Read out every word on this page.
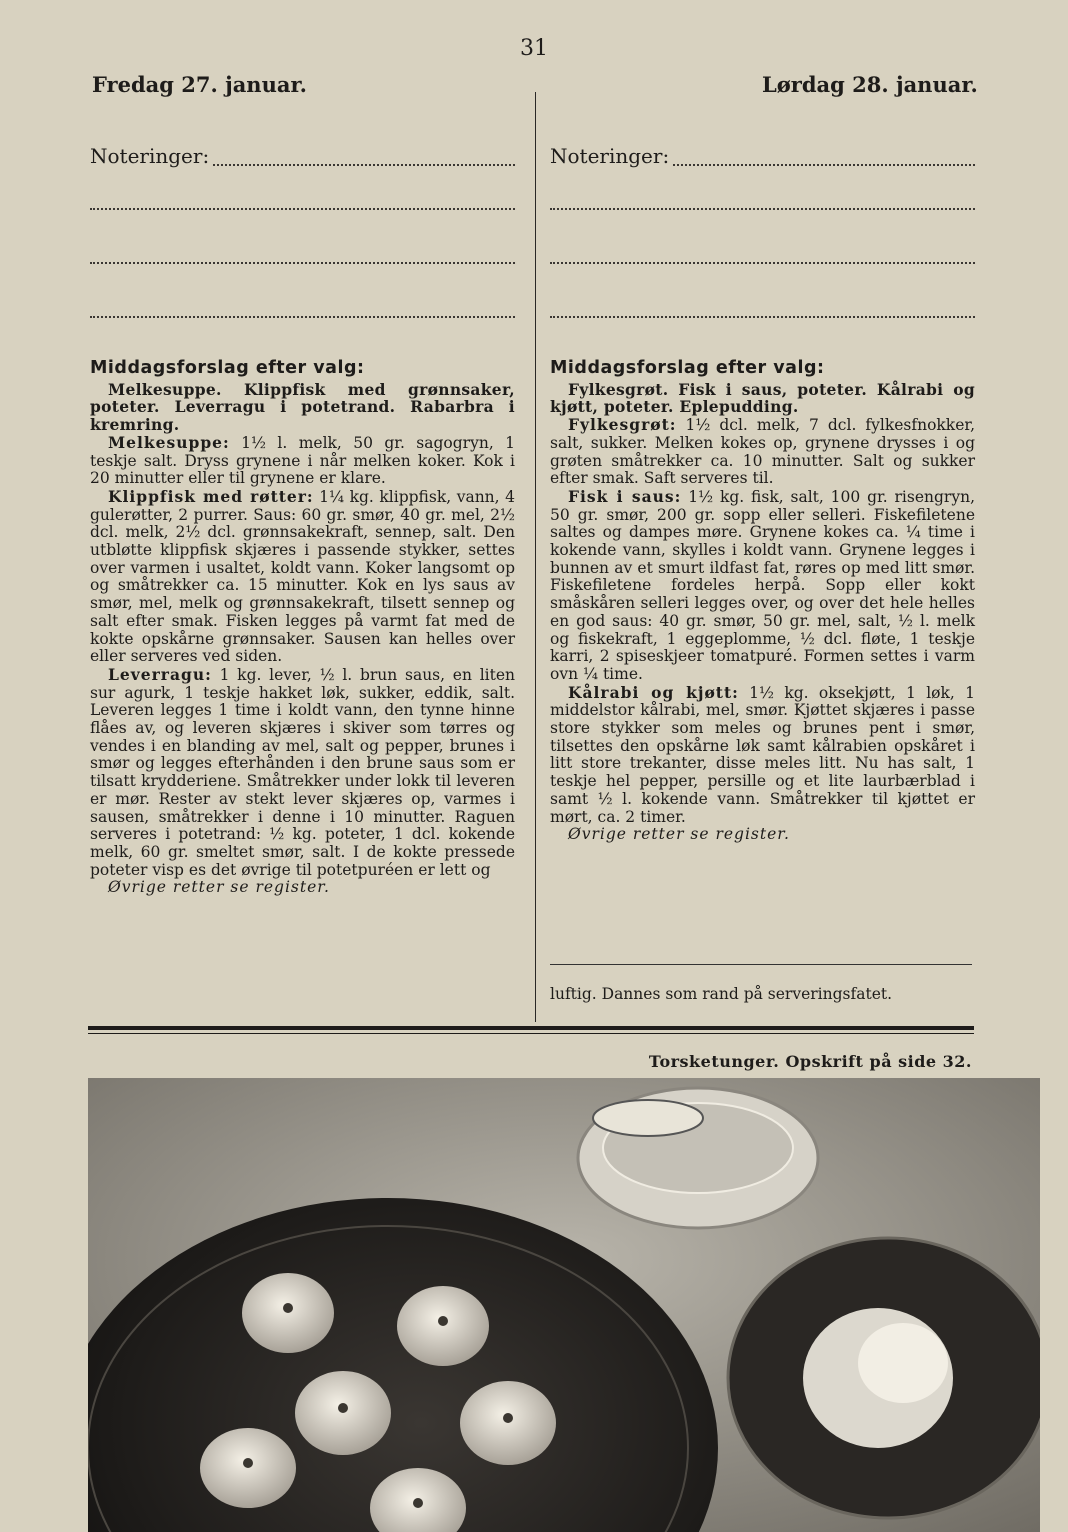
31
Fredag 27. januar.	Lørdag 28. januar.
Noteringer:
Middagsforslag efter valg:

Melkesuppe. Klippfisk med grønnsaker, poteter. Leverragu i potetrand. Rabarbra i kremring.

Melkesuppe: 1½ l. melk, 50 gr. sagogryn, 1 teskje salt. Dryss grynene i når melken koker. Kok i 20 minutter eller til grynene er klare.

Klippfisk med røtter: 1¼ kg. klippfisk, vann, 4 gulerøtter, 2 purrer. Saus: 60 gr. smør, 40 gr. mel, 2½ dcl. melk, 2½ dcl. grønnsakekraft, sennep, salt. Den utbløtte klippfisk skjæres i passende stykker, settes over varmen i usaltet, koldt vann. Koker langsomt op og småtrekker ca. 15 minutter. Kok en lys saus av smør, mel, melk og grønnsakekraft, tilsett sennep og salt efter smak. Fisken legges på varmt fat med de kokte opskårne grønnsaker. Sausen kan helles over eller serveres ved siden.

Leverragu: 1 kg. lever, ½ l. brun saus, en liten sur agurk, 1 teskje hakket løk, sukker, eddik, salt. Leveren legges 1 time i koldt vann, den tynne hinne flåes av, og leveren skjæres i skiver som tørres og vendes i en blanding av mel, salt og pepper, brunes i smør og legges efterhånden i den brune saus som er tilsatt krydderiene. Småtrekker under lokk til leveren er mør. Rester av stekt lever skjæres op, varmes i sausen, småtrekker i denne i 10 minutter. Raguen serveres i potetrand: ½ kg. poteter, 1 dcl. kokende melk, 60 gr. smeltet smør, salt. I de kokte pressede poteter visp es det øvrige til potetpuréen er lett og

Øvrige retter se register.

Noteringer:
Middagsforslag efter valg:

Fylkesgrøt. Fisk i saus, poteter. Kålrabi og kjøtt, poteter. Eplepudding.

Fylkesgrøt: 1½ dcl. melk, 7 dcl. fylkesfnokker, salt, sukker. Melken kokes op, grynene drysses i og grøten småtrekker ca. 10 minutter. Salt og sukker efter smak. Saft serveres til.

Fisk i saus: 1½ kg. fisk, salt, 100 gr. risengryn, 50 gr. smør, 200 gr. sopp eller selleri. Fiskefiletene saltes og dampes møre. Grynene kokes ca. ¼ time i kokende vann, skylles i koldt vann. Grynene legges i bunnen av et smurt ildfast fat, røres op med litt smør. Fiskefiletene fordeles herpå. Sopp eller kokt småskåren selleri legges over, og over det hele helles en god saus: 40 gr. smør, 50 gr. mel, salt, ½ l. melk og fiskekraft, 1 eggeplomme, ½ dcl. fløte, 1 teskje karri, 2 spiseskjeer tomatpuré. Formen settes i varm ovn ¼ time.

Kålrabi og kjøtt: 1½ kg. oksekjøtt, 1 løk, 1 middelstor kålrabi, mel, smør. Kjøttet skjæres i passe store stykker som meles og brunes pent i smør, tilsettes den opskårne løk samt kålrabien opskåret i litt store trekanter, disse meles litt. Nu has salt, 1 teskje hel pepper, persille og et lite laurbærblad i samt ½ l. kokende vann. Småtrekker til kjøttet er mørt, ca. 2 timer.

Øvrige retter se register.

luftig. Dannes som rand på serveringsfatet.
Torsketunger. Opskrift på side 32.
